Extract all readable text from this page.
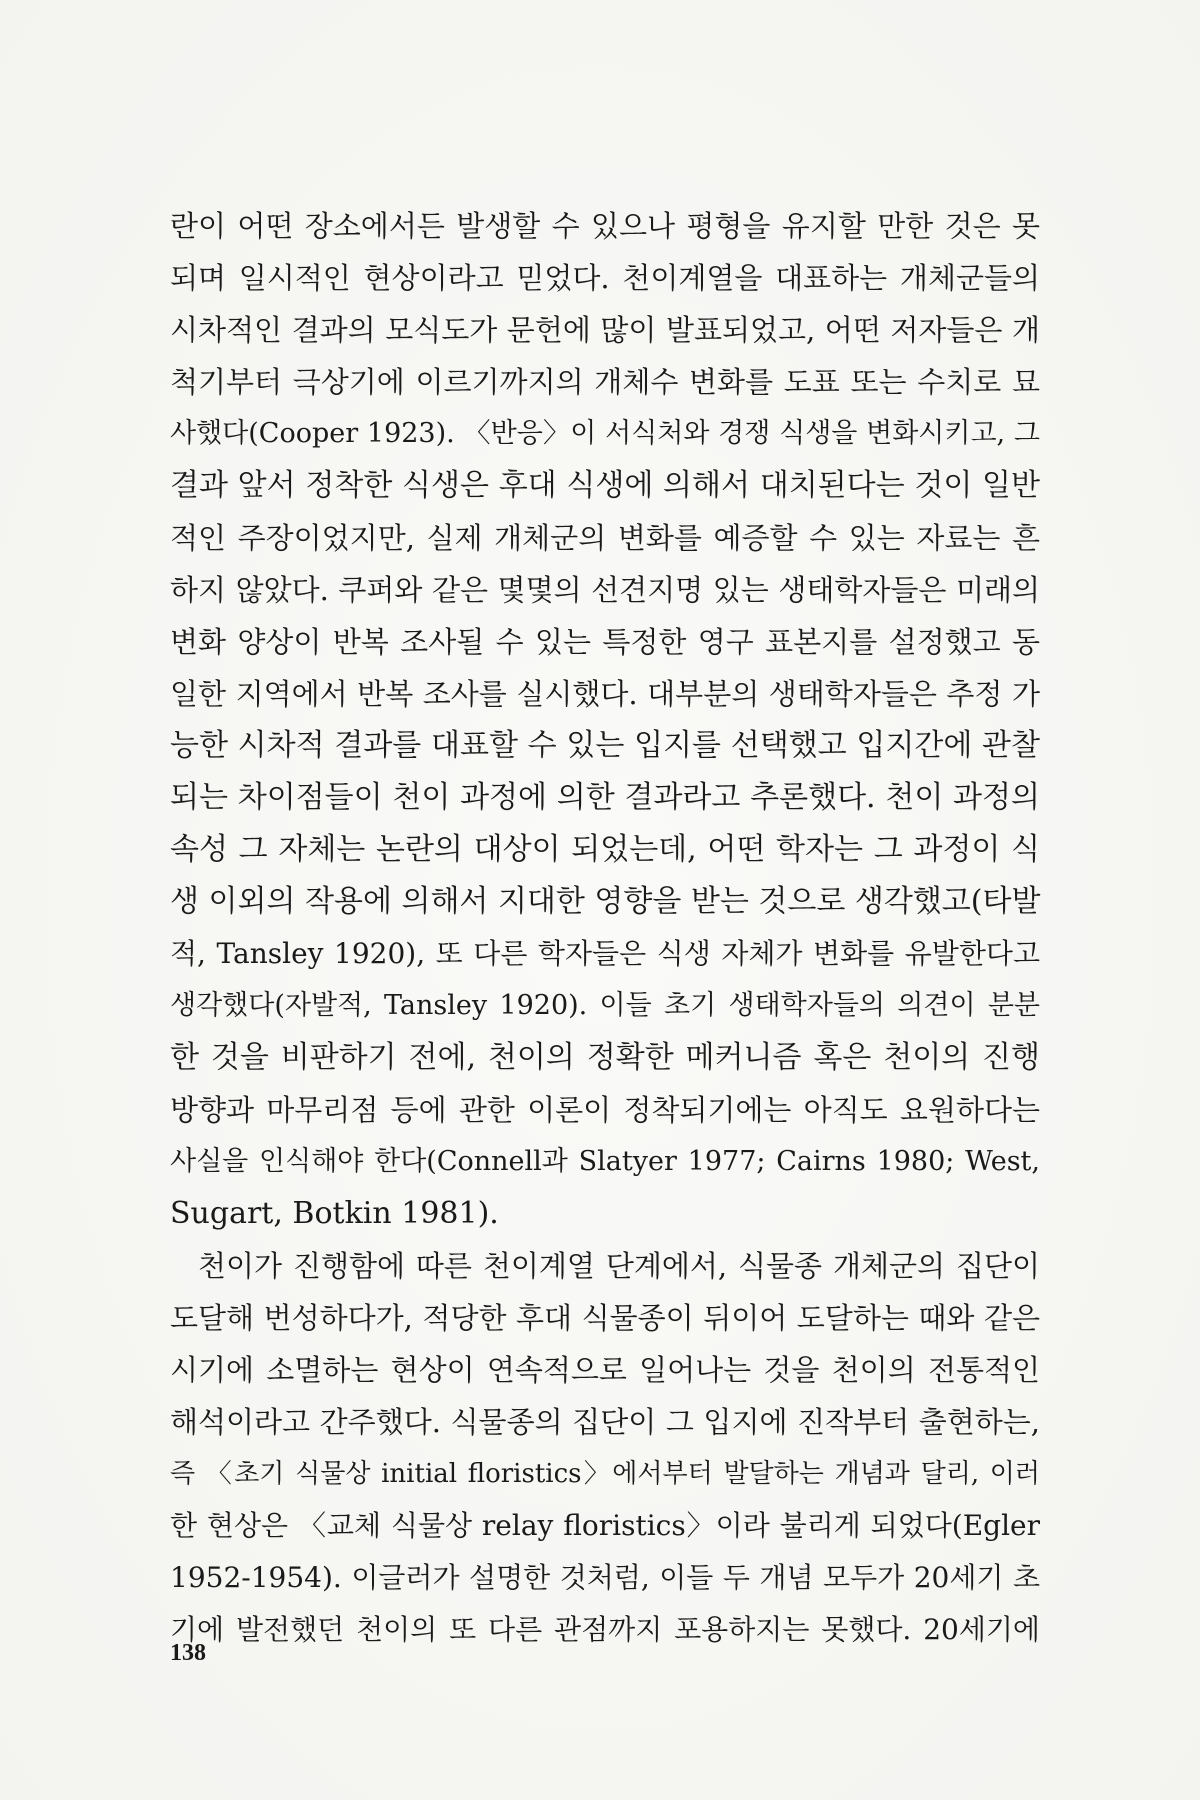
란이 어떤 장소에서든 발생할 수 있으나 평형을 유지할 만한 것은 못
되며 일시적인 현상이라고 믿었다. 천이계열을 대표하는 개체군들의
시차적인 결과의 모식도가 문헌에 많이 발표되었고, 어떤 저자들은 개
척기부터 극상기에 이르기까지의 개체수 변화를 도표 또는 수치로 묘
사했다(Cooper 1923). 〈반응〉이 서식처와 경쟁 식생을 변화시키고, 그
결과 앞서 정착한 식생은 후대 식생에 의해서 대치된다는 것이 일반
적인 주장이었지만, 실제 개체군의 변화를 예증할 수 있는 자료는 흔
하지 않았다. 쿠퍼와 같은 몇몇의 선견지명 있는 생태학자들은 미래의
변화 양상이 반복 조사될 수 있는 특정한 영구 표본지를 설정했고 동
일한 지역에서 반복 조사를 실시했다. 대부분의 생태학자들은 추정 가
능한 시차적 결과를 대표할 수 있는 입지를 선택했고 입지간에 관찰
되는 차이점들이 천이 과정에 의한 결과라고 추론했다. 천이 과정의
속성 그 자체는 논란의 대상이 되었는데, 어떤 학자는 그 과정이 식
생 이외의 작용에 의해서 지대한 영향을 받는 것으로 생각했고(타발
적, Tansley 1920), 또 다른 학자들은 식생 자체가 변화를 유발한다고
생각했다(자발적, Tansley 1920). 이들 초기 생태학자들의 의견이 분분
한 것을 비판하기 전에, 천이의 정확한 메커니즘 혹은 천이의 진행
방향과 마무리점 등에 관한 이론이 정착되기에는 아직도 요원하다는
사실을 인식해야 한다(Connell과 Slatyer 1977; Cairns 1980; West,
Sugart, Botkin 1981).
천이가 진행함에 따른 천이계열 단계에서, 식물종 개체군의 집단이
도달해 번성하다가, 적당한 후대 식물종이 뒤이어 도달하는 때와 같은
시기에 소멸하는 현상이 연속적으로 일어나는 것을 천이의 전통적인
해석이라고 간주했다. 식물종의 집단이 그 입지에 진작부터 출현하는,
즉 〈초기 식물상 initial floristics〉에서부터 발달하는 개념과 달리, 이러
한 현상은 〈교체 식물상 relay floristics〉이라 불리게 되었다(Egler
1952-1954). 이글러가 설명한 것처럼, 이들 두 개념 모두가 20세기 초
기에 발전했던 천이의 또 다른 관점까지 포용하지는 못했다. 20세기에
138
